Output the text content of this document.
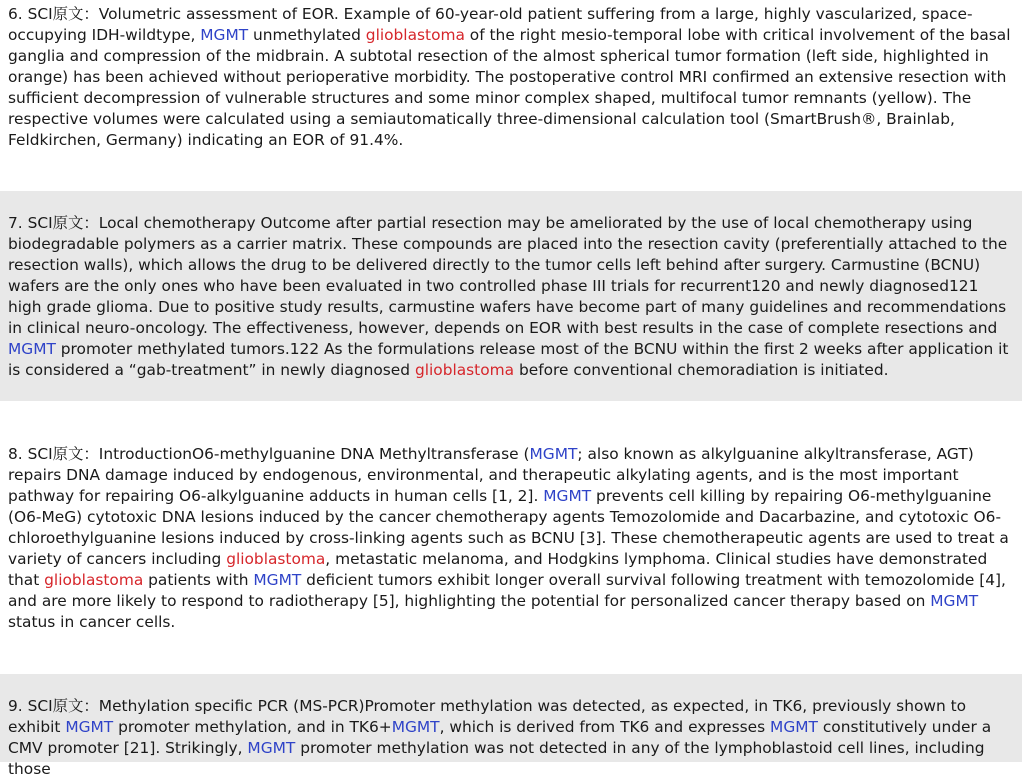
6. SCI原文：Volumetric assessment of EOR. Example of 60-year-old patient suffering from a large, highly vascularized, space-occupying IDH-wildtype, MGMT unmethylated glioblastoma of the right mesio-temporal lobe with critical involvement of the basal ganglia and compression of the midbrain. A subtotal resection of the almost spherical tumor formation (left side, highlighted in orange) has been achieved without perioperative morbidity. The postoperative control MRI confirmed an extensive resection with sufficient decompression of vulnerable structures and some minor complex shaped, multifocal tumor remnants (yellow). The respective volumes were calculated using a semiautomatically three-dimensional calculation tool (SmartBrush®, Brainlab, Feldkirchen, Germany) indicating an EOR of 91.4%.

7. SCI原文：Local chemotherapy Outcome after partial resection may be ameliorated by the use of local chemotherapy using biodegradable polymers as a carrier matrix. These compounds are placed into the resection cavity (preferentially attached to the resection walls), which allows the drug to be delivered directly to the tumor cells left behind after surgery. Carmustine (BCNU) wafers are the only ones who have been evaluated in two controlled phase III trials for recurrent120 and newly diagnosed121 high grade glioma. Due to positive study results, carmustine wafers have become part of many guidelines and recommendations in clinical neuro-oncology. The effectiveness, however, depends on EOR with best results in the case of complete resections and MGMT promoter methylated tumors.122 As the formulations release most of the BCNU within the first 2 weeks after application it is considered a “gab-treatment” in newly diagnosed glioblastoma before conventional chemoradiation is initiated.

8. SCI原文：IntroductionO6-methylguanine DNA Methyltransferase (MGMT; also known as alkylguanine alkyltransferase, AGT) repairs DNA damage induced by endogenous, environmental, and therapeutic alkylating agents, and is the most important pathway for repairing O6-alkylguanine adducts in human cells [1, 2]. MGMT prevents cell killing by repairing O6-methylguanine (O6-MeG) cytotoxic DNA lesions induced by the cancer chemotherapy agents Temozolomide and Dacarbazine, and cytotoxic O6-chloroethylguanine lesions induced by cross-linking agents such as BCNU [3]. These chemotherapeutic agents are used to treat a variety of cancers including glioblastoma, metastatic melanoma, and Hodgkins lymphoma. Clinical studies have demonstrated that glioblastoma patients with MGMT deficient tumors exhibit longer overall survival following treatment with temozolomide [4], and are more likely to respond to radiotherapy [5], highlighting the potential for personalized cancer therapy based on MGMT status in cancer cells.

9. SCI原文：Methylation specific PCR (MS-PCR)Promoter methylation was detected, as expected, in TK6, previously shown to exhibit MGMT promoter methylation, and in TK6+MGMT, which is derived from TK6 and expresses MGMT constitutively under a CMV promoter [21]. Strikingly, MGMT promoter methylation was not detected in any of the lymphoblastoid cell lines, including those
